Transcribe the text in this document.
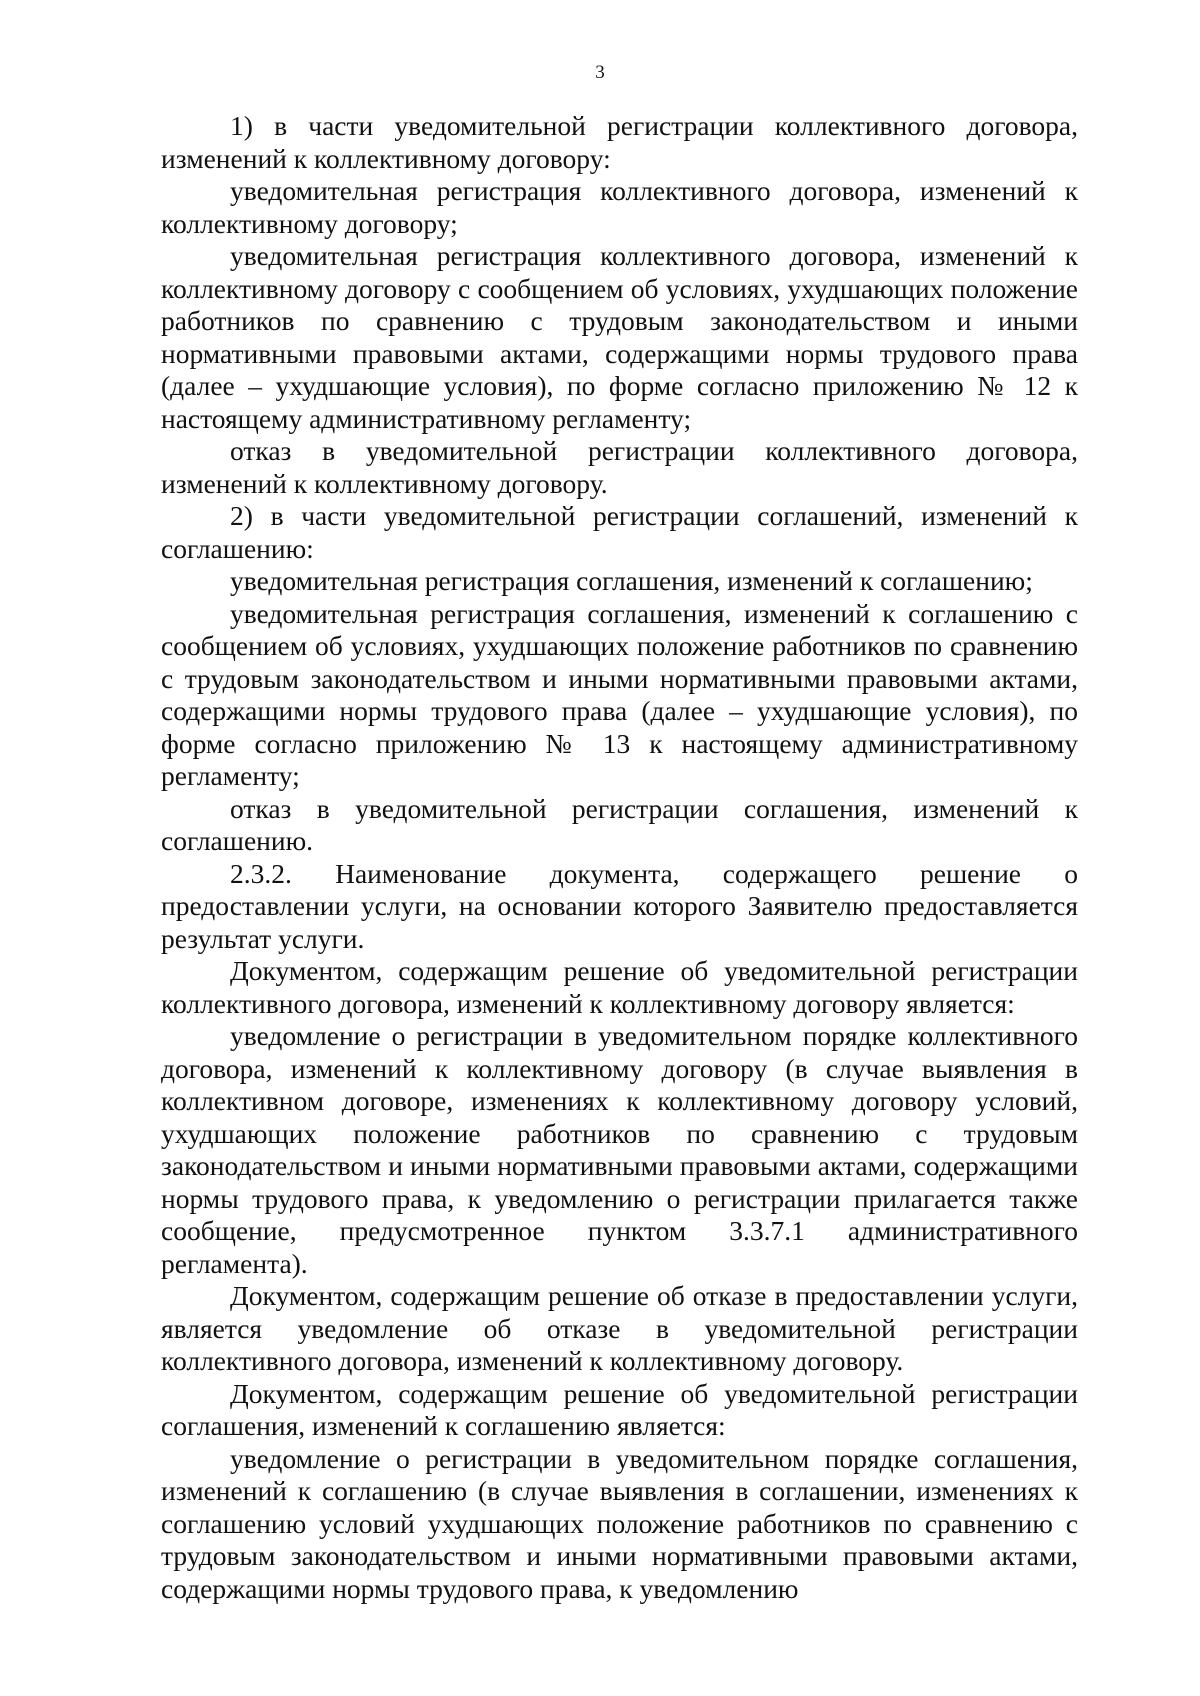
3

1) в части уведомительной регистрации коллективного договора, изменений к коллективному договору:

уведомительная регистрация коллективного договора, изменений к коллективному договору;

уведомительная регистрация коллективного договора, изменений к коллективному договору с сообщением об условиях, ухудшающих положение работников по сравнению с трудовым законодательством и иными нормативными правовыми актами, содержащими нормы трудового права (далее – ухудшающие условия), по форме согласно приложению № 12 к настоящему административному регламенту;

отказ в уведомительной регистрации коллективного договора, изменений к коллективному договору.

2) в части уведомительной регистрации соглашений, изменений к соглашению:

уведомительная регистрация соглашения, изменений к соглашению;

уведомительная регистрация соглашения, изменений к соглашению с сообщением об условиях, ухудшающих положение работников по сравнению с трудовым законодательством и иными нормативными правовыми актами, содержащими нормы трудового права (далее – ухудшающие условия), по форме согласно приложению № 13 к настоящему административному регламенту;

отказ в уведомительной регистрации соглашения, изменений к соглашению.

2.3.2. Наименование документа, содержащего решение о предоставлении услуги, на основании которого Заявителю предоставляется результат услуги.

Документом, содержащим решение об уведомительной регистрации коллективного договора, изменений к коллективному договору является:

уведомление о регистрации в уведомительном порядке коллективного договора, изменений к коллективному договору (в случае выявления в коллективном договоре, изменениях к коллективному договору условий, ухудшающих положение работников по сравнению с трудовым законодательством и иными нормативными правовыми актами, содержащими нормы трудового права, к уведомлению о регистрации прилагается также сообщение, предусмотренное пунктом 3.3.7.1 административного регламента).

Документом, содержащим решение об отказе в предоставлении услуги, является уведомление об отказе в уведомительной регистрации коллективного договора, изменений к коллективному договору.

Документом, содержащим решение об уведомительной регистрации соглашения, изменений к соглашению является:

уведомление о регистрации в уведомительном порядке соглашения, изменений к соглашению (в случае выявления в соглашении, изменениях к соглашению условий ухудшающих положение работников по сравнению с трудовым законодательством и иными нормативными правовыми актами, содержащими нормы трудового права, к уведомлению
